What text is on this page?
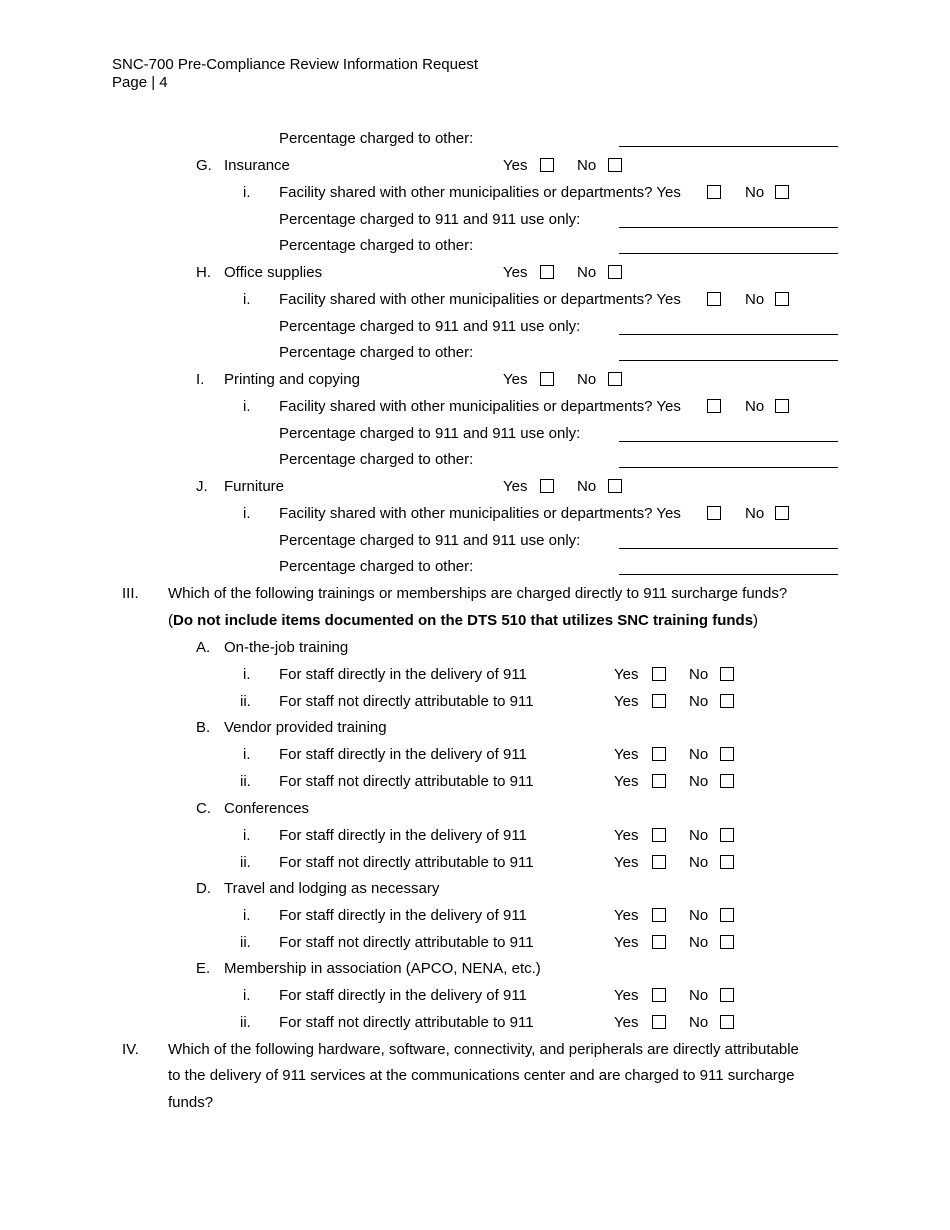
SNC-700 Pre-Compliance Review Information Request
Page | 4
Percentage charged to other:
G. Insurance	Yes	No
i. Facility shared with other municipalities or departments? Yes	No
Percentage charged to 911 and 911 use only:
Percentage charged to other:
H. Office supplies	Yes	No
i. Facility shared with other municipalities or departments? Yes	No
Percentage charged to 911 and 911 use only:
Percentage charged to other:
I. Printing and copying	Yes	No
i. Facility shared with other municipalities or departments? Yes	No
Percentage charged to 911 and 911 use only:
Percentage charged to other:
J. Furniture	Yes	No
i. Facility shared with other municipalities or departments? Yes	No
Percentage charged to 911 and 911 use only:
Percentage charged to other:
III. Which of the following trainings or memberships are charged directly to 911 surcharge funds?
(Do not include items documented on the DTS 510 that utilizes SNC training funds)
A. On-the-job training
i. For staff directly in the delivery of 911	Yes	No
ii. For staff not directly attributable to 911	Yes	No
B. Vendor provided training
i. For staff directly in the delivery of 911	Yes	No
ii. For staff not directly attributable to 911	Yes	No
C. Conferences
i. For staff directly in the delivery of 911	Yes	No
ii. For staff not directly attributable to 911	Yes	No
D. Travel and lodging as necessary
i. For staff directly in the delivery of 911	Yes	No
ii. For staff not directly attributable to 911	Yes	No
E. Membership in association (APCO, NENA, etc.)
i. For staff directly in the delivery of 911	Yes	No
ii. For staff not directly attributable to 911	Yes	No
IV. Which of the following hardware, software, connectivity, and peripherals are directly attributable
to the delivery of 911 services at the communications center and are charged to 911 surcharge
funds?
